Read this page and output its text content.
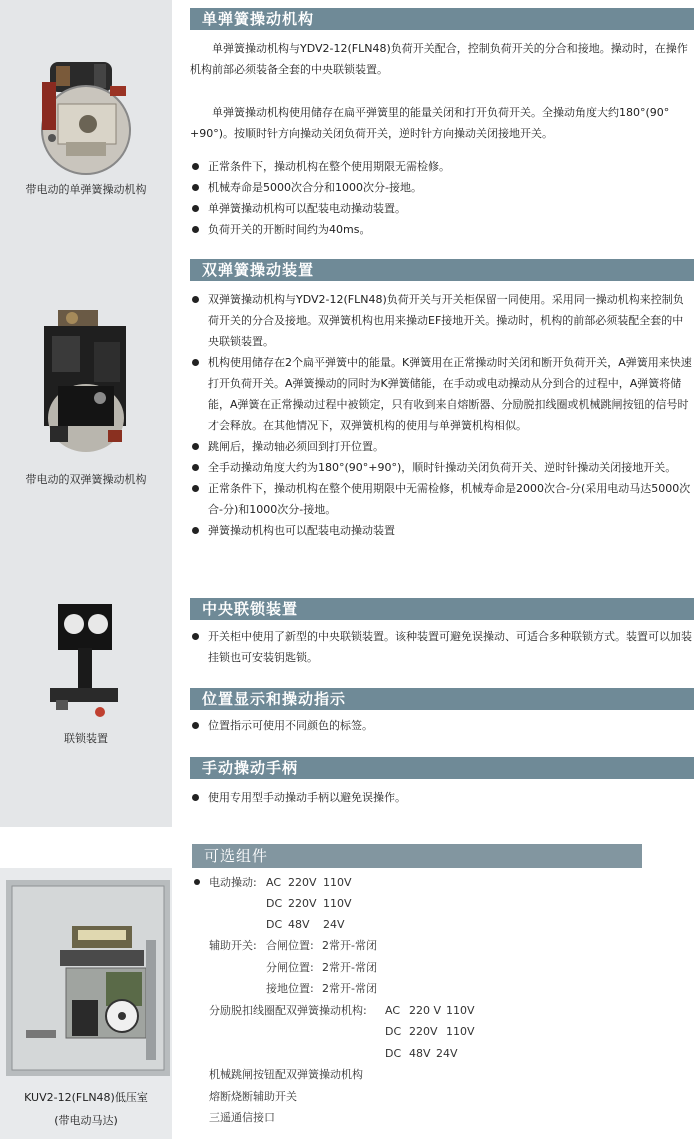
带电动的单弹簧操动机构
带电动的双弹簧操动机构
联锁装置
KUV2-12(FLN48)低压室
(带电动马达)
单弹簧操动机构
单弹簧操动机构与YDV2-12(FLN48)负荷开关配合，控制负荷开关的分合和接地。操动时，在操作机构前部必须装备全套的中央联锁装置。
单弹簧操动机构使用储存在扁平弹簧里的能量关闭和打开负荷开关。全操动角度大约180°(90°+90°)。按顺时针方向操动关闭负荷开关，逆时针方向操动关闭接地开关。
正常条件下，操动机构在整个使用期限无需检修。
机械寿命是5000次合分和1000次分-接地。
单弹簧操动机构可以配装电动操动装置。
负荷开关的开断时间约为40ms。
双弹簧操动装置
双弹簧操动机构与YDV2-12(FLN48)负荷开关与开关柜保留一同使用。采用同一操动机构来控制负荷开关的分合及接地。双弹簧机构也用来操动EF接地开关。操动时，机构的前部必须装配全套的中央联锁装置。
机构使用储存在2个扁平弹簧中的能量。K弹簧用在正常操动时关闭和断开负荷开关，A弹簧用来快速打开负荷开关。A弹簧操动的同时为K弹簧储能，在手动或电动操动从分到合的过程中，A弹簧将储能，A弹簧在正常操动过程中被锁定，只有收到来自熔断器、分励脱扣线圈或机械跳闸按钮的信号时才会释放。在其他情况下，双弹簧机构的使用与单弹簧机构相似。
跳闸后，操动轴必须回到打开位置。
全手动操动角度大约为180°(90°+90°)，顺时针操动关闭负荷开关、逆时针操动关闭接地开关。
正常条件下，操动机构在整个使用期限中无需检修，机械寿命是2000次合-分(采用电动马达5000次合-分)和1000次分-接地。
弹簧操动机构也可以配装电动操动装置
中央联锁装置
开关柜中使用了新型的中央联锁装置。该种装置可避免误操动、可适合多种联锁方式。装置可以加装挂锁也可安装钥匙锁。
位置显示和操动指示
位置指示可使用不同颜色的标签。
手动操动手柄
使用专用型手动操动手柄以避免误操作。
可选组件
电动操动: AC 220V 110V
DC 220V 110V
DC 48V 24V
辅助开关: 合闸位置: 2常开-常闭
分闸位置: 2常开-常闭
接地位置: 2常开-常闭
分励脱扣线圈配双弹簧操动机构: AC 220 V 110V
DC 220V 110V
DC 48V 24V
机械跳闸按钮配双弹簧操动机构
熔断烧断辅助开关
三遥通信接口
